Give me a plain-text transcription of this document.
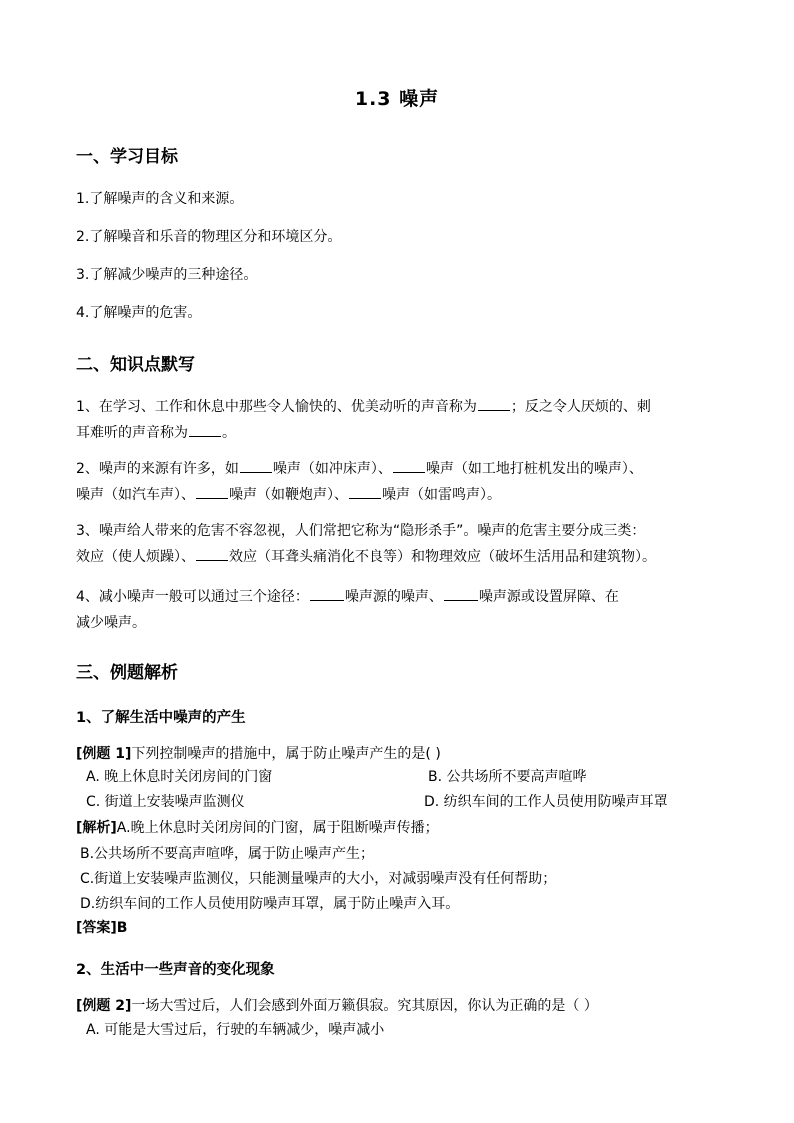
1.3 噪声
一、学习目标
1.了解噪声的含义和来源。
2.了解噪音和乐音的物理区分和环境区分。
3.了解减少噪声的三种途径。
4.了解噪声的危害。
二、知识点默写
1、在学习、工作和休息中那些令人愉快的、优美动听的声音称为 ；反之令人厌烦的、刺
耳难听的声音称为 。
2、噪声的来源有许多，如 噪声（如冲床声）、 噪声（如工地打桩机发出的噪声）、
噪声（如汽车声）、 噪声（如鞭炮声）、 噪声（如雷鸣声）。
3、噪声给人带来的危害不容忽视，人们常把它称为“隐形杀手”。噪声的危害主要分成三类：
效应（使人烦躁）、 效应（耳聋头痛消化不良等）和物理效应（破坏生活用品和建筑物）。
4、减小噪声一般可以通过三个途径：	噪声源的噪声、	噪声源或设置屏障、在
减少噪声。
三、例题解析
1、了解生活中噪声的产生
[例题 1]下列控制噪声的措施中，属于防止噪声产生的是( )
A. 晚上休息时关闭房间的门窗	B. 公共场所不要高声喧哗
C. 街道上安装噪声监测仪	D. 纺织车间的工作人员使用防噪声耳罩
[解析]A.晚上休息时关闭房间的门窗，属于阻断噪声传播；
B.公共场所不要高声喧哗，属于防止噪声产生；
C.街道上安装噪声监测仪，只能测量噪声的大小，对减弱噪声没有任何帮助；
D.纺织车间的工作人员使用防噪声耳罩，属于防止噪声入耳。
[答案]B
2、生活中一些声音的变化现象
[例题 2]一场大雪过后，人们会感到外面万籁俱寂。究其原因，你认为正确的是（ ）
A. 可能是大雪过后，行驶的车辆减少，噪声减小
